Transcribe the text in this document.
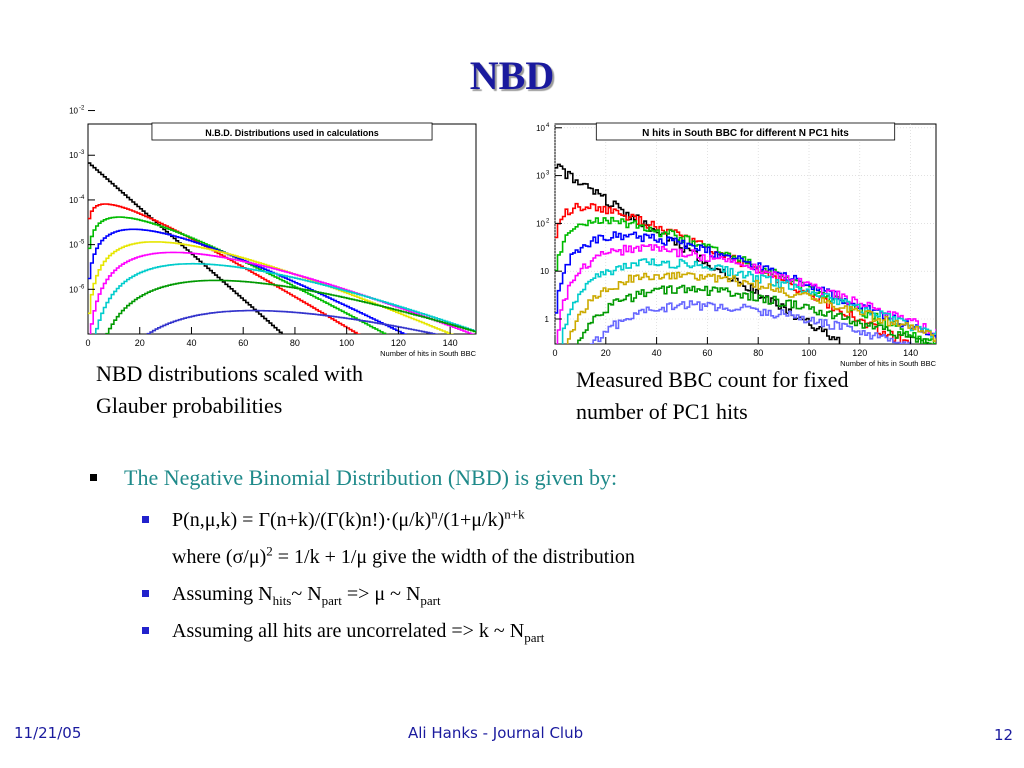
NBD
0	20	40	60	80	100	120	140
10 -6
10 -5
10 -4
10 -3
10 -2
N.B.D. Distributions used in calculations
Number of hits in South BBC	0	20	40	60	80	100	120	140
1
10
10 2
10 3
10 4
N hits in South BBC for different N PC1 hits
Number of hits in South BBC
NBD distributions scaled with
Glauber probabilities
Measured BBC count for fixed
number of PC1 hits
The Negative Binomial Distribution (NBD) is given by:
$P(n,\mu,k) = \Gamma(n+k)/(\Gamma(k)n!)\cdot(\mu/k)^n/(1+\mu/k)^{n+k}$
where $(\sigma/\mu)^2 = 1/k + 1/\mu$ give the width of the distribution
Assuming $N_{hits}\sim$ $N_{part} => \mu$ ~ $N_{part}$
Assuming all hits are uncorrelated => k ~ $N_{part}$
11/21/05	Ali Hanks - Journal Club	12
